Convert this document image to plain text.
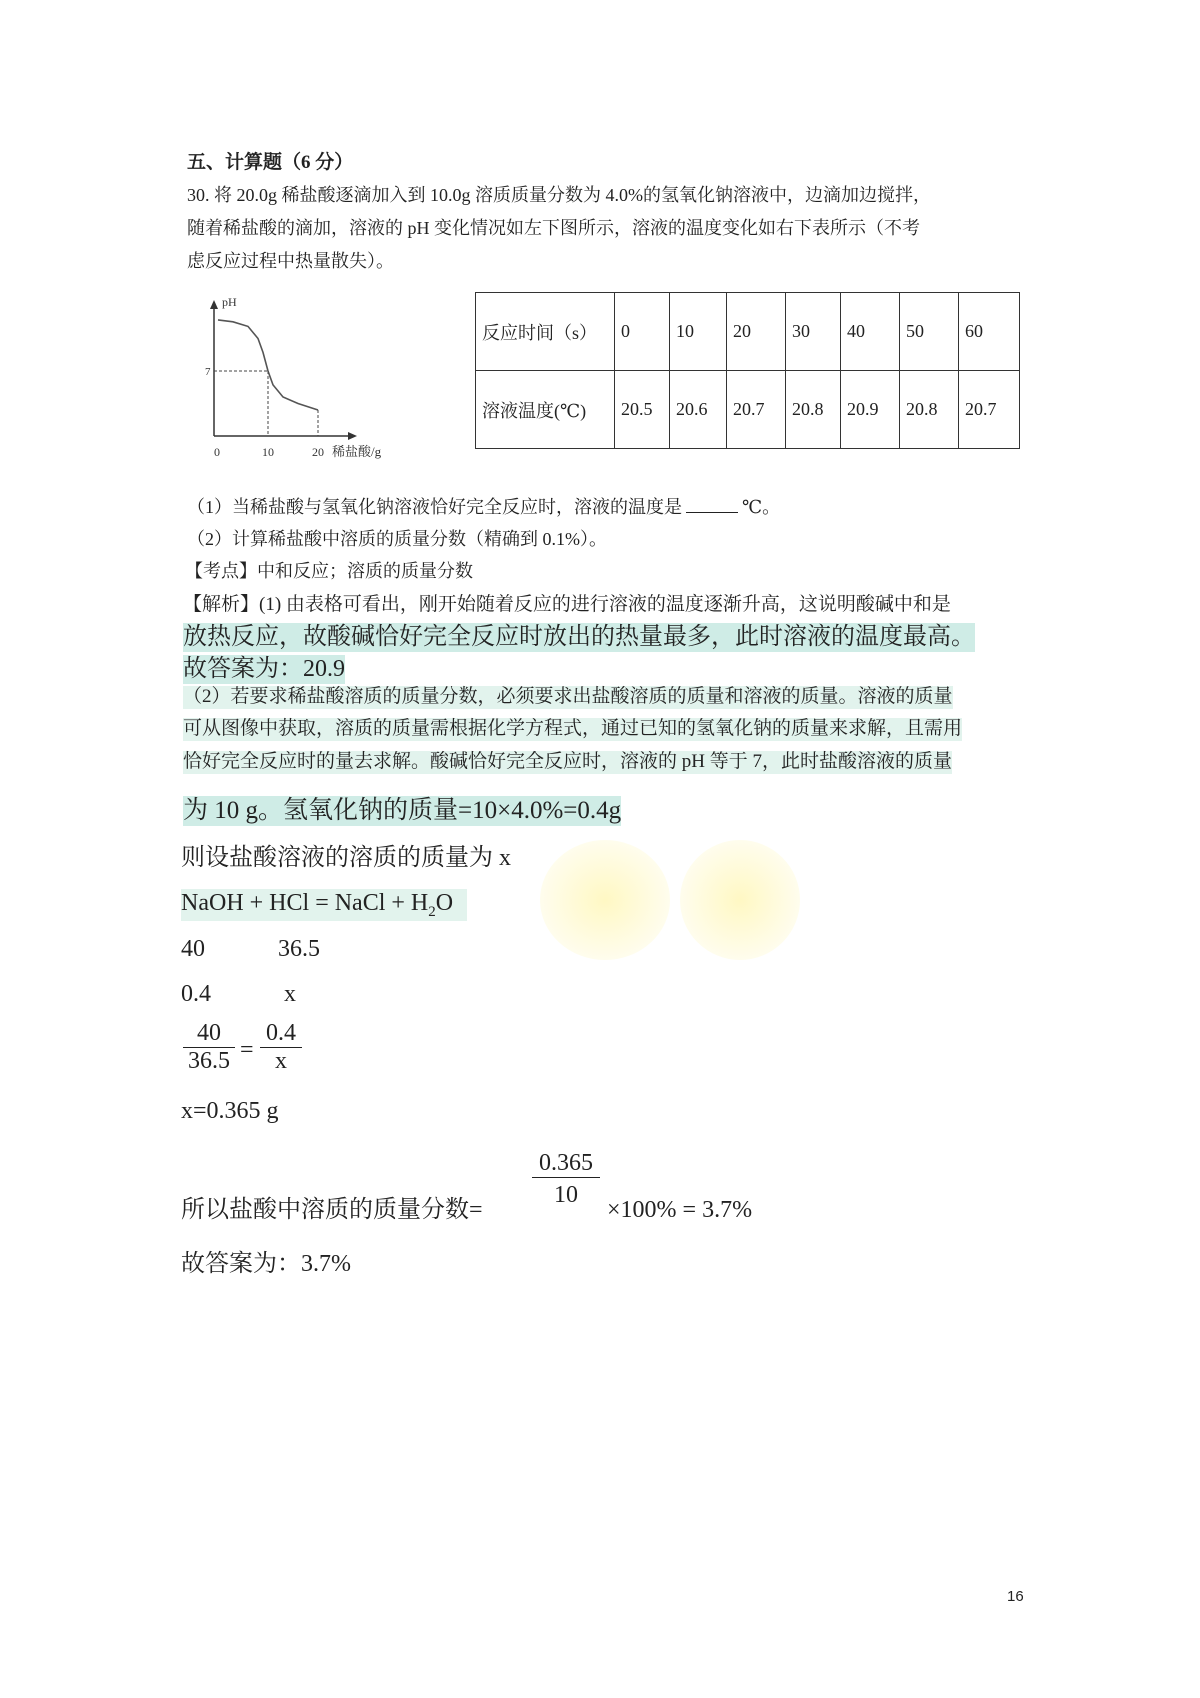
五、计算题（6 分）
30. 将 20.0g 稀盐酸逐滴加入到 10.0g 溶质质量分数为 4.0%的氢氧化钠溶液中，边滴加边搅拌，
随着稀盐酸的滴加，溶液的 pH 变化情况如左下图所示，溶液的温度变化如右下表所示（不考
虑反应过程中热量散失）。
pH
7
0	10	20 稀盐酸/g
反应时间（s）	0	10	20	30	40	50	60
溶液温度(℃)	20.5	20.6	20.7	20.8	20.9	20.8	20.7
（1）当稀盐酸与氢氧化钠溶液恰好完全反应时，溶液的温度是	℃。
（2）计算稀盐酸中溶质的质量分数（精确到 0.1%）。
【考点】中和反应；溶质的质量分数
【解析】(1) 由表格可看出，刚开始随着反应的进行溶液的温度逐渐升高，这说明酸碱中和是
放热反应，故酸碱恰好完全反应时放出的热量最多，此时溶液的温度最高。
故答案为：20.9
（2）若要求稀盐酸溶质的质量分数，必须要求出盐酸溶质的质量和溶液的质量。溶液的质量
可从图像中获取，溶质的质量需根据化学方程式，通过已知的氢氧化钠的质量来求解，且需用
恰好完全反应时的量去求解。酸碱恰好完全反应时，溶液的 pH 等于 7，此时盐酸溶液的质量
为 10 g。氢氧化钠的质量=10×4.0%=0.4g
则设盐酸溶液的溶质的质量为 x
NaOH + HCl = NaCl + $H_2O$
40	36.5
0.4	x
40
36.5 =
0.4
x
x=0.365 g
0.365
10
所以盐酸中溶质的质量分数=	×100% = 3.7%
故答案为：3.7%
16
